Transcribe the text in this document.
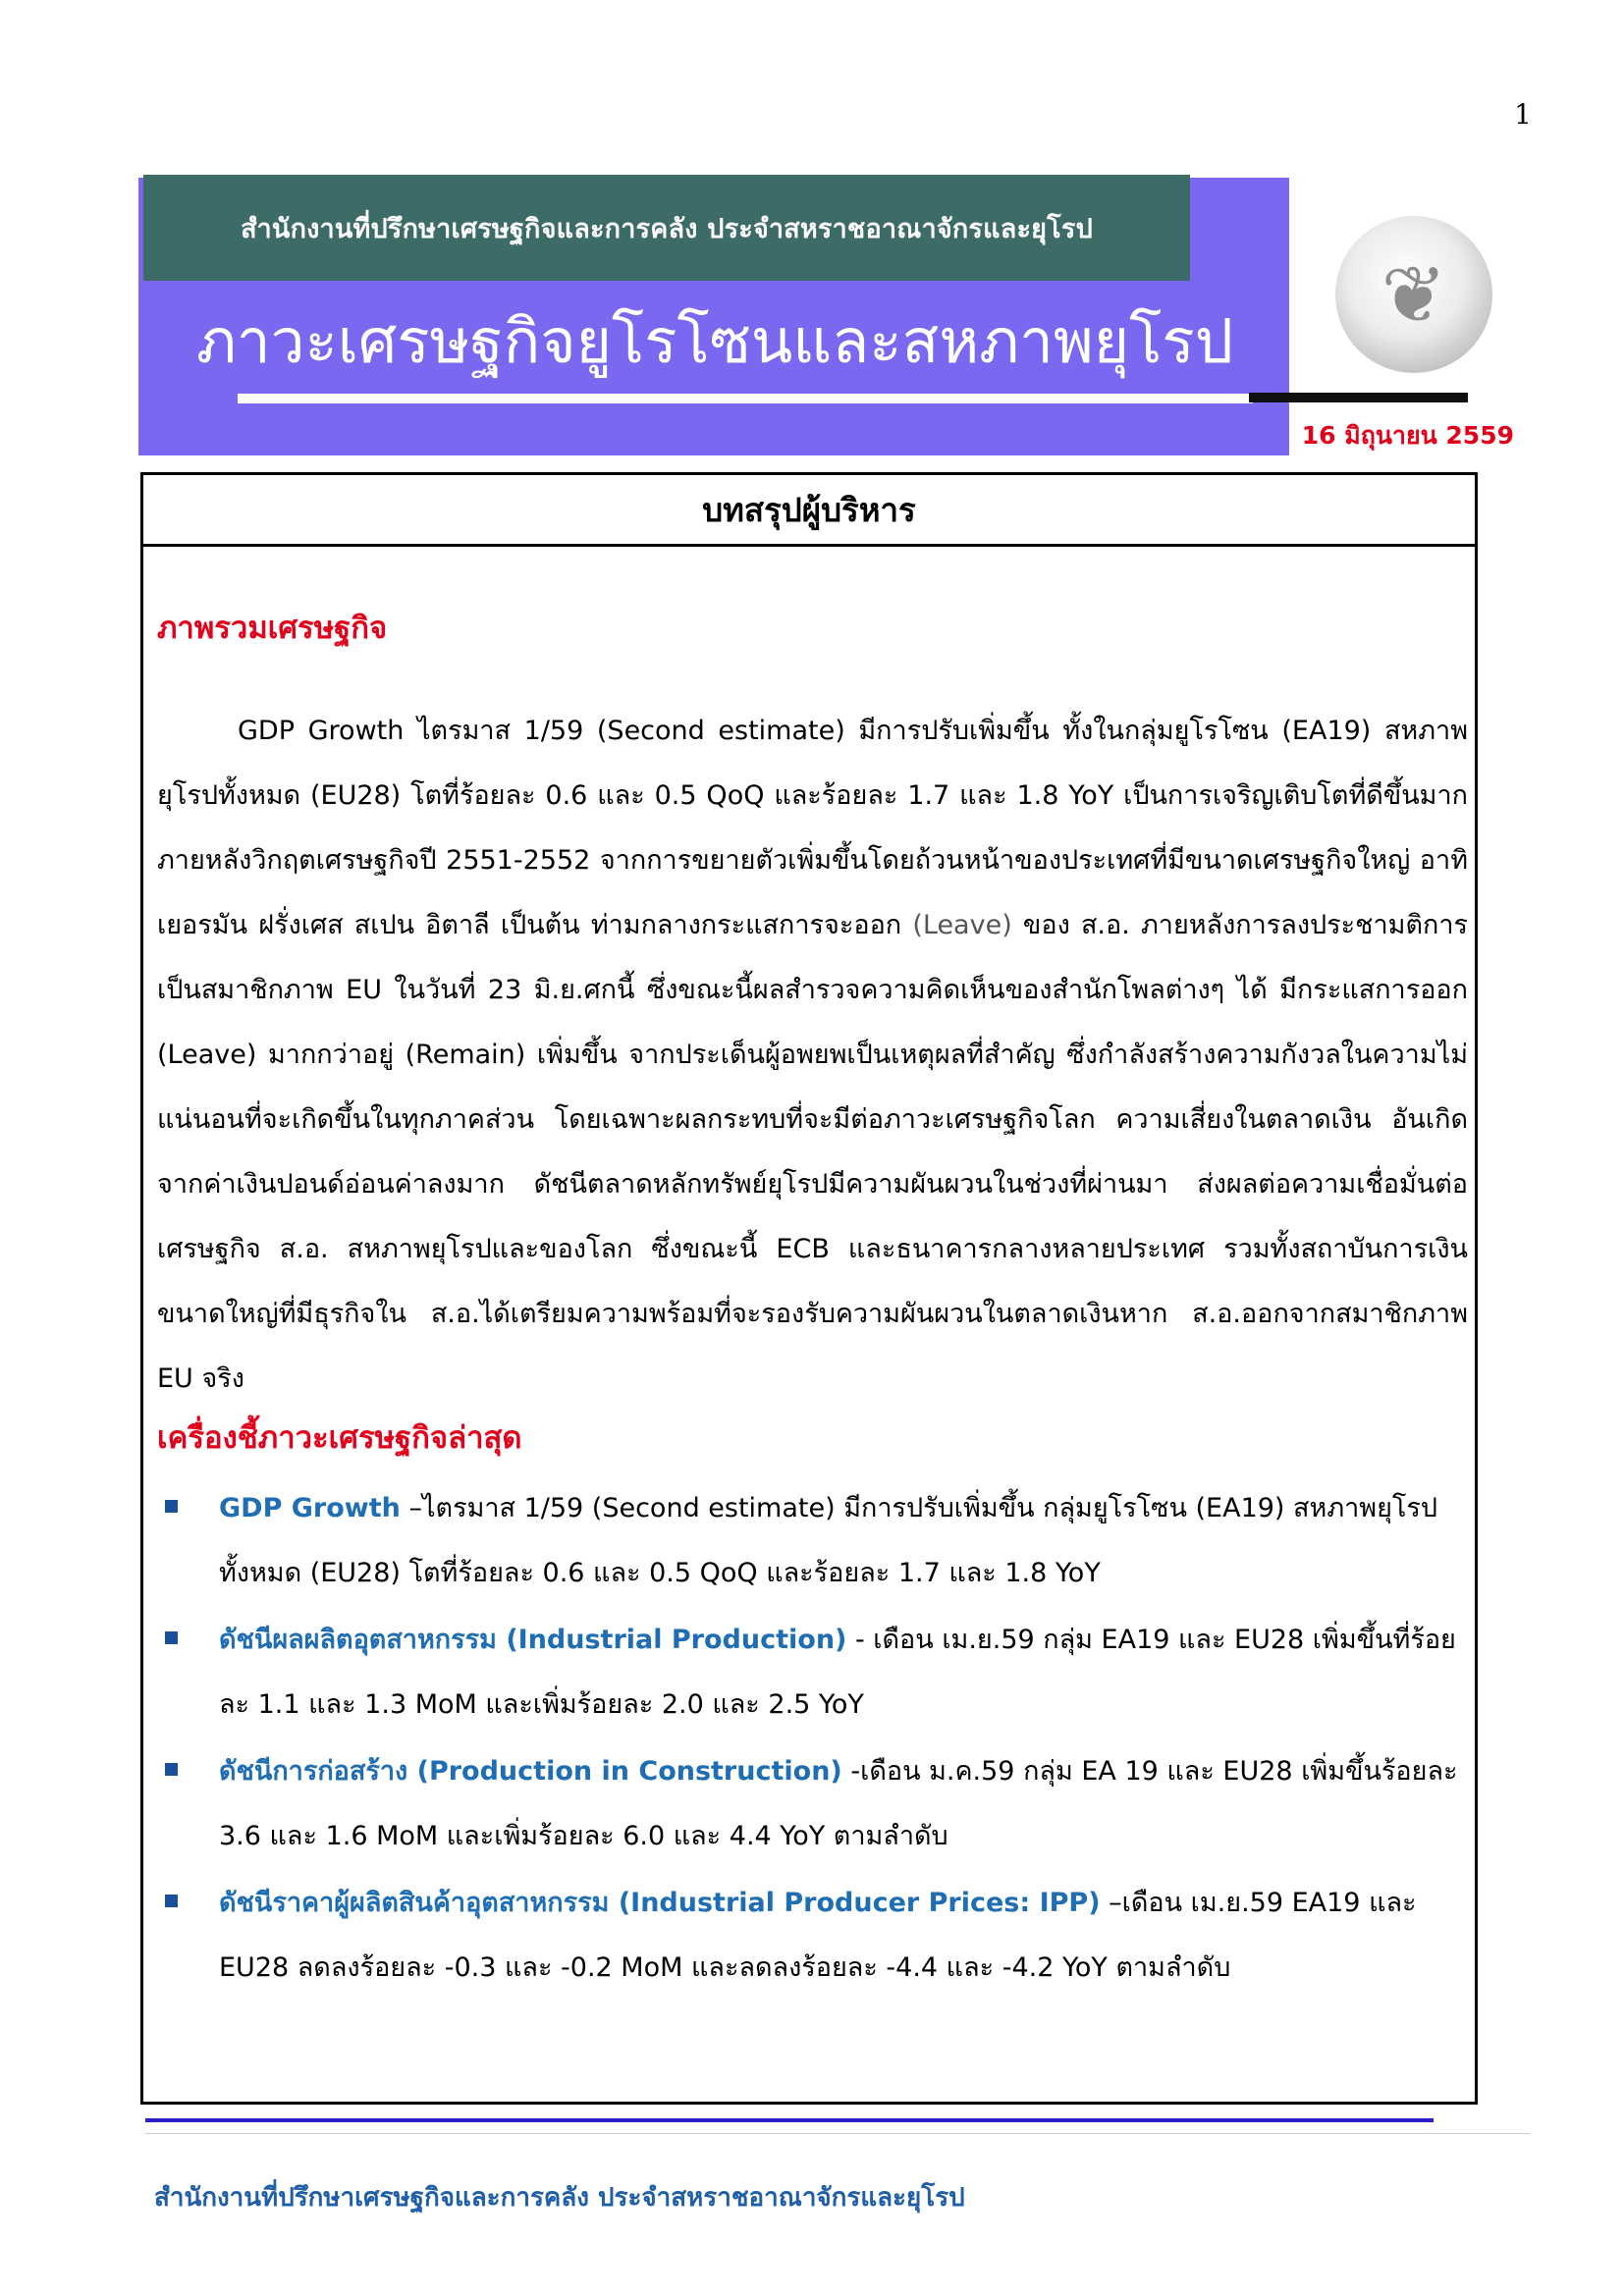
1
สำนักงานที่ปรึกษาเศรษฐกิจและการคลัง ประจำสหราชอาณาจักรและยุโรป
ภาวะเศรษฐกิจยูโรโซนและสหภาพยุโรป
❦
16 มิถุนายน 2559
บทสรุปผู้บริหาร
ภาพรวมเศรษฐกิจ

GDP Growth ไตรมาส 1/59 (Second estimate) มีการปรับเพิ่มขึ้น ทั้งในกลุ่มยูโรโซน (EA19) สหภาพยุโรปทั้งหมด (EU28) โตที่ร้อยละ 0.6 และ 0.5 QoQ และร้อยละ 1.7 และ 1.8 YoY เป็นการเจริญเติบโตที่ดีขึ้นมากภายหลังวิกฤตเศรษฐกิจปี 2551-2552 จากการขยายตัวเพิ่มขึ้นโดยถ้วนหน้าของประเทศที่มีขนาดเศรษฐกิจใหญ่ อาทิ เยอรมัน ฝรั่งเศส สเปน อิตาลี เป็นต้น ท่ามกลางกระแสการจะออก (Leave) ของ ส.อ. ภายหลังการลงประชามติการเป็นสมาชิกภาพ EU ในวันที่ 23 มิ.ย.ศกนี้ ซึ่งขณะนี้ผลสำรวจความคิดเห็นของสำนักโพลต่างๆ ได้ มีกระแสการออก (Leave) มากกว่าอยู่ (Remain) เพิ่มขึ้น จากประเด็นผู้อพยพเป็นเหตุผลที่สำคัญ ซึ่งกำลังสร้างความกังวลในความไม่แน่นอนที่จะเกิดขึ้นในทุกภาคส่วน โดยเฉพาะผลกระทบที่จะมีต่อภาวะเศรษฐกิจโลก ความเสี่ยงในตลาดเงิน อันเกิดจากค่าเงินปอนด์อ่อนค่าลงมาก ดัชนีตลาดหลักทรัพย์ยุโรปมีความผันผวนในช่วงที่ผ่านมา ส่งผลต่อความเชื่อมั่นต่อเศรษฐกิจ ส.อ. สหภาพยุโรปและของโลก ซึ่งขณะนี้ ECB และธนาคารกลางหลายประเทศ รวมทั้งสถาบันการเงินขนาดใหญ่ที่มีธุรกิจใน ส.อ.ได้เตรียมความพร้อมที่จะรองรับความผันผวนในตลาดเงินหาก ส.อ.ออกจากสมาชิกภาพ EU จริง

เครื่องชี้ภาวะเศรษฐกิจล่าสุด
GDP Growth –ไตรมาส 1/59 (Second estimate) มีการปรับเพิ่มขึ้น กลุ่มยูโรโซน (EA19) สหภาพยุโรปทั้งหมด (EU28) โตที่ร้อยละ 0.6 และ 0.5 QoQ และร้อยละ 1.7 และ 1.8 YoY
ดัชนีผลผลิตอุตสาหกรรม (Industrial Production) - เดือน เม.ย.59 กลุ่ม EA19 และ EU28 เพิ่มขึ้นที่ร้อยละ 1.1 และ 1.3 MoM และเพิ่มร้อยละ 2.0 และ 2.5 YoY
ดัชนีการก่อสร้าง (Production in Construction) -เดือน ม.ค.59 กลุ่ม EA 19 และ EU28 เพิ่มขึ้นร้อยละ 3.6 และ 1.6 MoM และเพิ่มร้อยละ 6.0 และ 4.4 YoY ตามลำดับ
ดัชนีราคาผู้ผลิตสินค้าอุตสาหกรรม (Industrial Producer Prices: IPP) –เดือน เม.ย.59 EA19 และ EU28 ลดลงร้อยละ -0.3 และ -0.2 MoM และลดลงร้อยละ -4.4 และ -4.2 YoY ตามลำดับ
สำนักงานที่ปรึกษาเศรษฐกิจและการคลัง ประจำสหราชอาณาจักรและยุโรป
